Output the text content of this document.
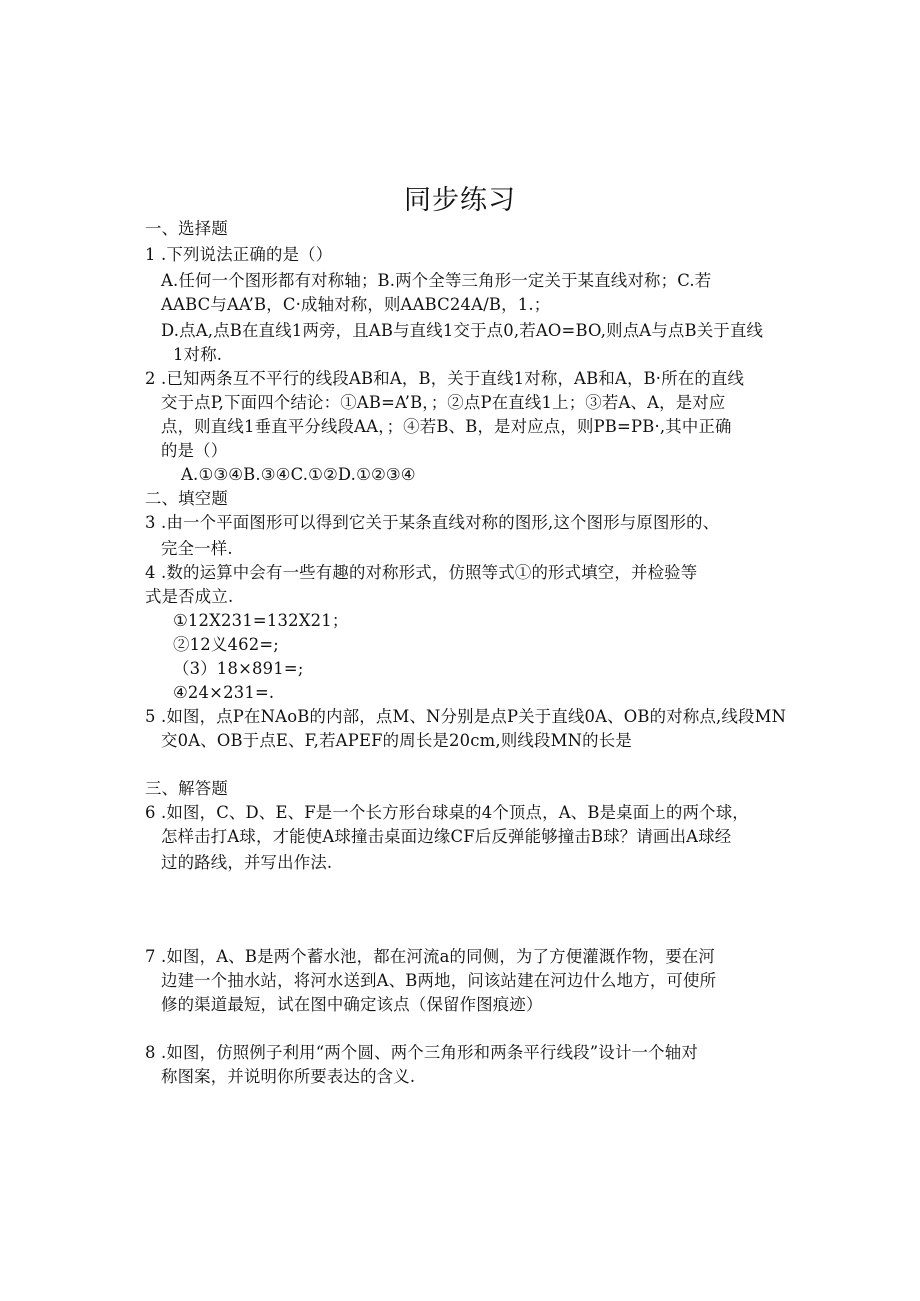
同步练习
一、选择题
1 .下列说法正确的是（）
A.任何一个图形都有对称轴；B.两个全等三角形一定关于某直线对称；C.若
AABC与AA’B，C·成轴对称，则AABC24A/B，1.；
D.点A,点B在直线1两旁，且AB与直线1交于点0,若AO=BO,则点A与点B关于直线
1对称.
2 .已知两条互不平行的线段AB和A，B，关于直线1对称，AB和A，B·所在的直线
交于点P,下面四个结论：①AB=A’B，；②点P在直线1上；③若A、A，是对应
点，则直线1垂直平分线段AA，；④若B、B，是对应点，则PB=PB·,其中正确
的是（）
A.①③④B.③④C.①②D.①②③④
二、填空题
3 .由一个平面图形可以得到它关于某条直线对称的图形,这个图形与原图形的、
完全一样.
4 .数的运算中会有一些有趣的对称形式，仿照等式①的形式填空，并检验等
式是否成立.
①12X231=132X21；
②12义462=;
（3）18×891=;
④24×231=.
5 .如图，点P在NAoB的内部，点M、N分别是点P关于直线0A、OB的对称点,线段MN
交0A、OB于点E、F,若APEF的周长是20cm,则线段MN的长是
三、解答题
6 .如图，C、D、E、F是一个长方形台球桌的4个顶点，A、B是桌面上的两个球，
怎样击打A球，才能使A球撞击桌面边缘CF后反弹能够撞击B球？请画出A球经
过的路线，并写出作法.
7 .如图，A、B是两个蓄水池，都在河流a的同侧，为了方便灌溉作物，要在河
边建一个抽水站，将河水送到A、B两地，问该站建在河边什么地方，可使所
修的渠道最短，试在图中确定该点（保留作图痕迹）
8 .如图，仿照例子利用“两个圆、两个三角形和两条平行线段”设计一个轴对
称图案，并说明你所要表达的含义.
